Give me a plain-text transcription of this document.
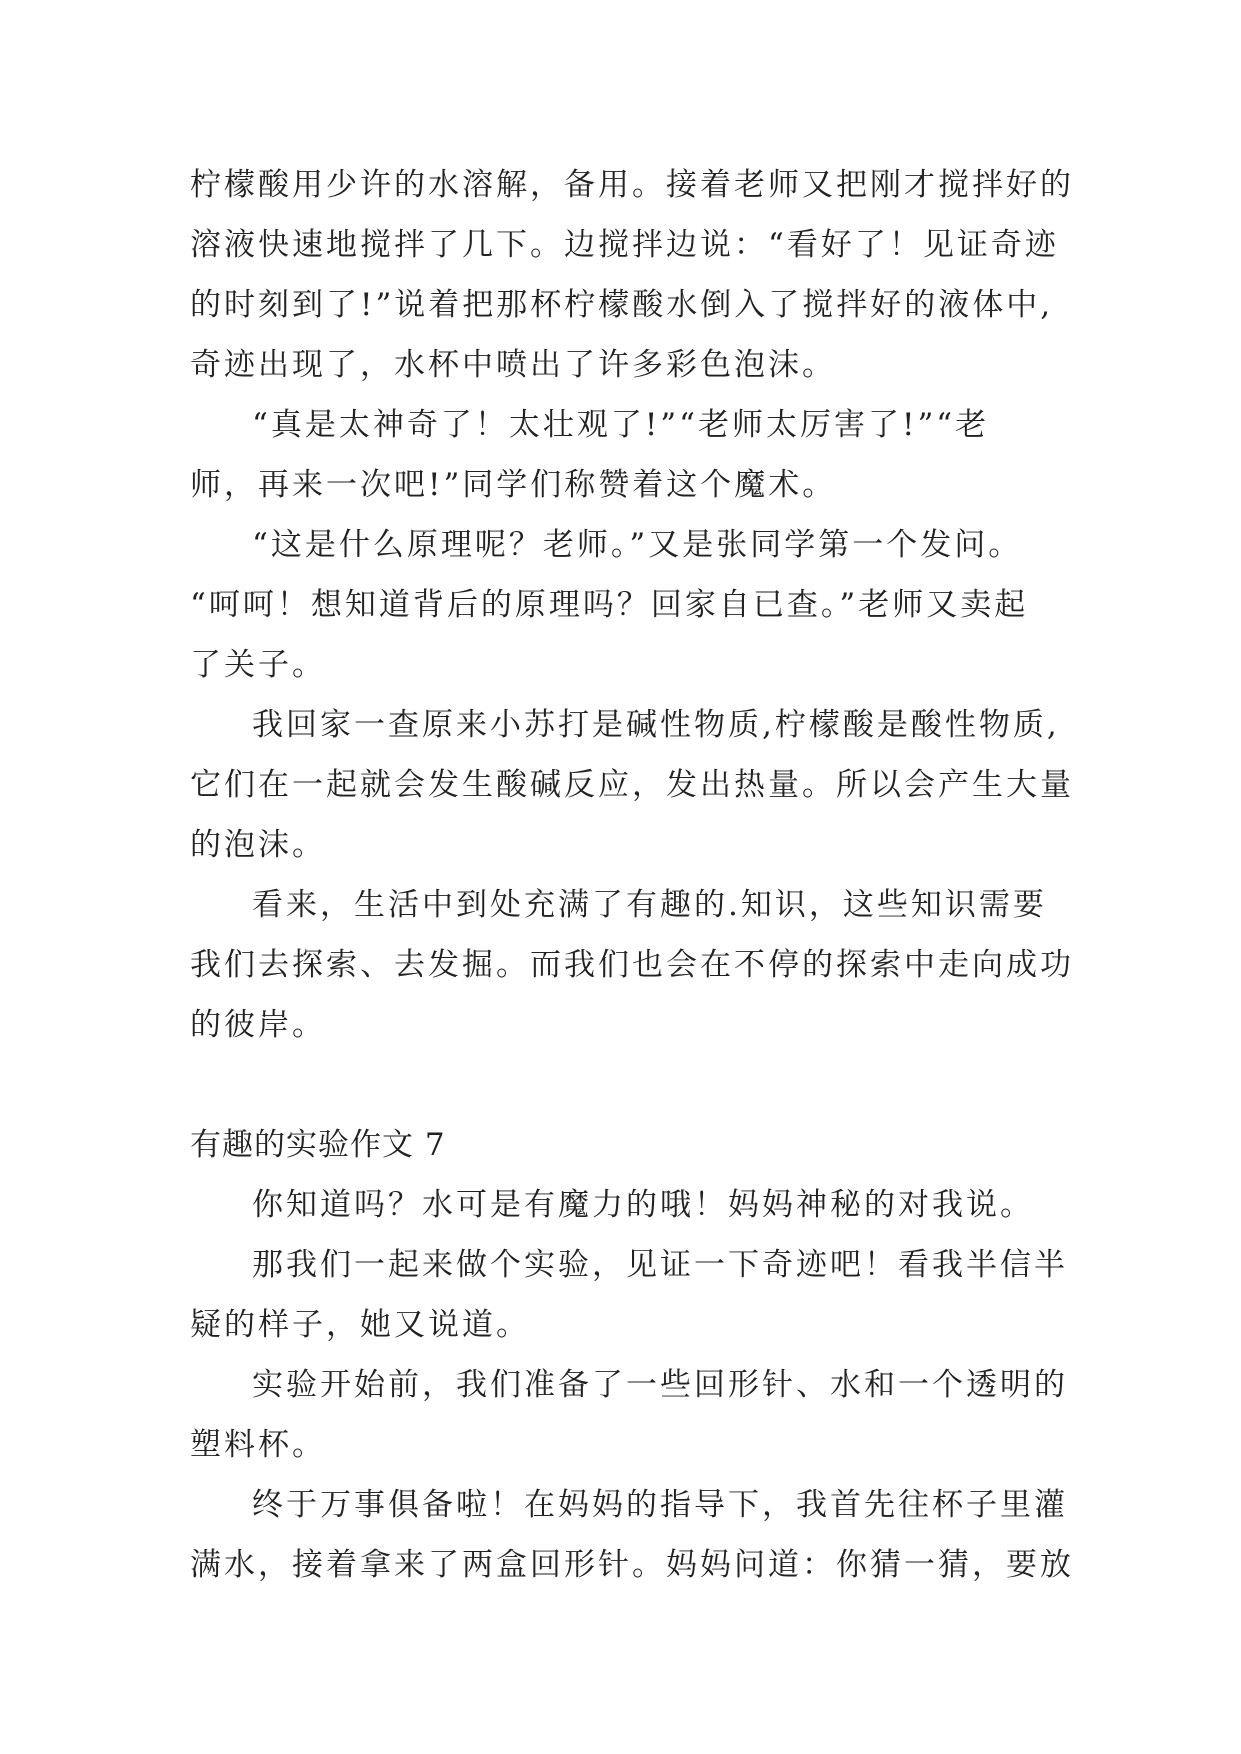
柠檬酸用少许的水溶解，备用。接着老师又把刚才搅拌好的

溶液快速地搅拌了几下。边搅拌边说：“看好了！见证奇迹

的时刻到了!”说着把那杯柠檬酸水倒入了搅拌好的液体中,

奇迹出现了，水杯中喷出了许多彩色泡沫。

“真是太神奇了！太壮观了!”“老师太厉害了!”“老

师，再来一次吧!”同学们称赞着这个魔术。

“这是什么原理呢？老师。”又是张同学第一个发问。

“呵呵！想知道背后的原理吗？回家自已查。”老师又卖起

了关子。

我回家一查原来小苏打是碱性物质,柠檬酸是酸性物质,

它们在一起就会发生酸碱反应，发出热量。所以会产生大量

的泡沫。

看来，生活中到处充满了有趣的.知识，这些知识需要

我们去探索、去发掘。而我们也会在不停的探索中走向成功

的彼岸。

有趣的实验作文 7

你知道吗？水可是有魔力的哦！妈妈神秘的对我说。

那我们一起来做个实验，见证一下奇迹吧！看我半信半

疑的样子，她又说道。

实验开始前，我们准备了一些回形针、水和一个透明的

塑料杯。

终于万事俱备啦！在妈妈的指导下，我首先往杯子里灌

满水，接着拿来了两盒回形针。妈妈问道：你猜一猜，要放
